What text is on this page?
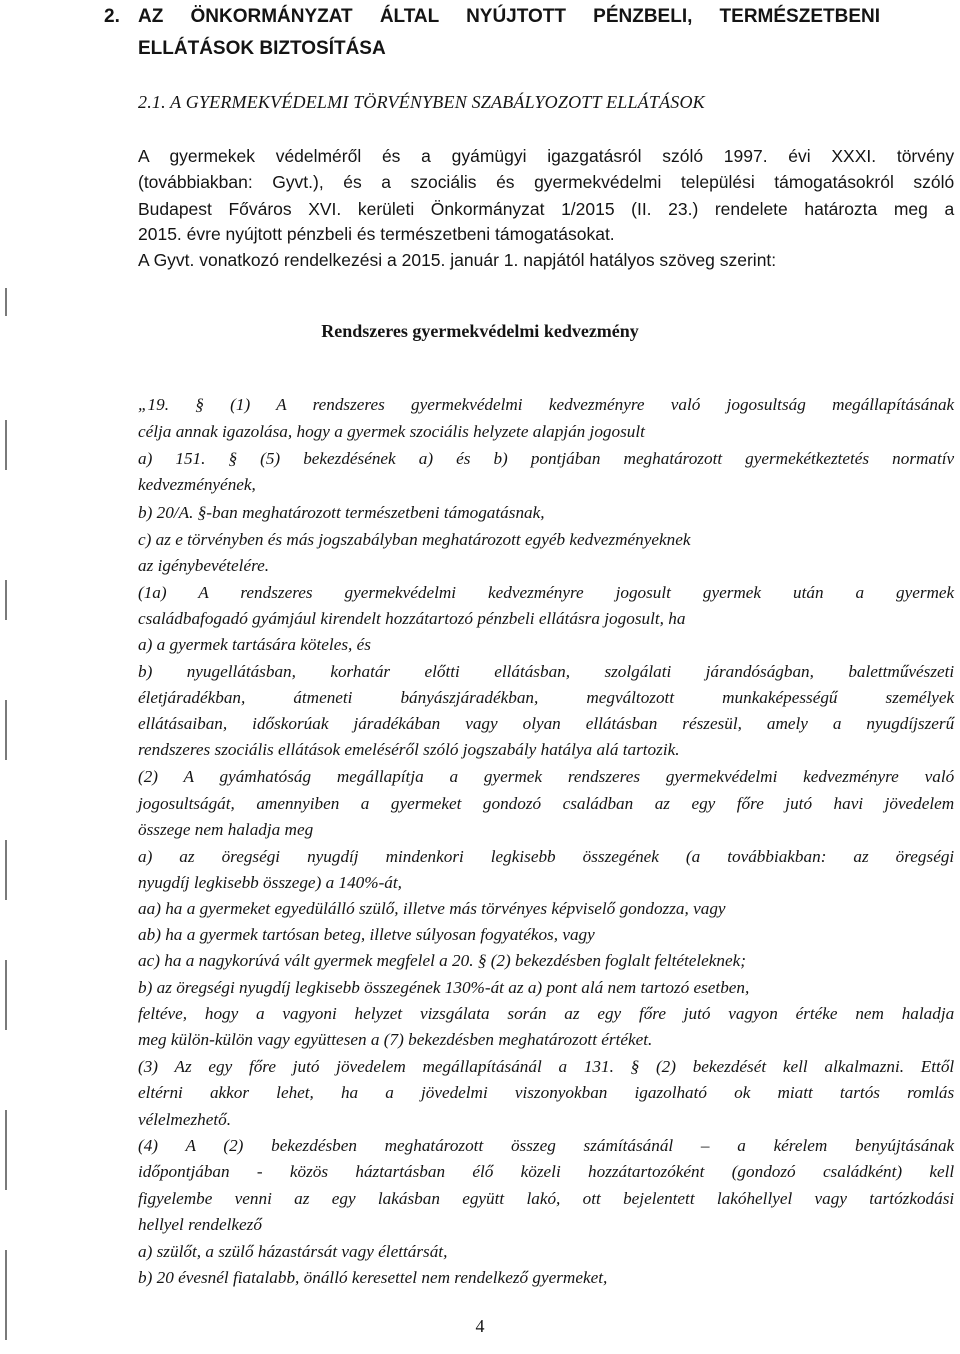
2. AZ ÖNKORMÁNYZAT ÁLTAL NYÚJTOTT PÉNZBELI, TERMÉSZETBENI
ELLÁTÁSOK BIZTOSÍTÁSA
2.1. A GYERMEKVÉDELMI TÖRVÉNYBEN SZABÁLYOZOTT ELLÁTÁSOK
A gyermekek védelméről és a gyámügyi igazgatásról szóló 1997. évi XXXI. törvény
(továbbiakban: Gyvt.), és a szociális és gyermekvédelmi települési támogatásokról szóló
Budapest Főváros XVI. kerületi Önkormányzat 1/2015 (II. 23.) rendelete határozta meg a
2015. évre nyújtott pénzbeli és természetbeni támogatásokat.
A Gyvt. vonatkozó rendelkezési a 2015. január 1. napjától hatályos szöveg szerint:
Rendszeres gyermekvédelmi kedvezmény
„19. § (1) A rendszeres gyermekvédelmi kedvezményre való jogosultság megállapításának
célja annak igazolása, hogy a gyermek szociális helyzete alapján jogosult
a) 151. § (5) bekezdésének a) és b) pontjában meghatározott gyermekétkeztetés normatív
kedvezményének,
b) 20/A. §-ban meghatározott természetbeni támogatásnak,
c) az e törvényben és más jogszabályban meghatározott egyéb kedvezményeknek
az igénybevételére.
(1a) A rendszeres gyermekvédelmi kedvezményre jogosult gyermek után a gyermek
családbafogadó gyámjául kirendelt hozzátartozó pénzbeli ellátásra jogosult, ha
a) a gyermek tartására köteles, és
b) nyugellátásban, korhatár előtti ellátásban, szolgálati járandóságban, balettművészeti
életjáradékban, átmeneti bányászjáradékban, megváltozott munkaképességű személyek
ellátásaiban, időskorúak járadékában vagy olyan ellátásban részesül, amely a nyugdíjszerű
rendszeres szociális ellátások emeléséről szóló jogszabály hatálya alá tartozik.
(2) A gyámhatóság megállapítja a gyermek rendszeres gyermekvédelmi kedvezményre való
jogosultságát, amennyiben a gyermeket gondozó családban az egy főre jutó havi jövedelem
összege nem haladja meg
a) az öregségi nyugdíj mindenkori legkisebb összegének (a továbbiakban: az öregségi
nyugdíj legkisebb összege) a 140%-át,
aa) ha a gyermeket egyedülálló szülő, illetve más törvényes képviselő gondozza, vagy
ab) ha a gyermek tartósan beteg, illetve súlyosan fogyatékos, vagy
ac) ha a nagykorúvá vált gyermek megfelel a 20. § (2) bekezdésben foglalt feltételeknek;
b) az öregségi nyugdíj legkisebb összegének 130%-át az a) pont alá nem tartozó esetben,
feltéve, hogy a vagyoni helyzet vizsgálata során az egy főre jutó vagyon értéke nem haladja
meg külön-külön vagy együttesen a (7) bekezdésben meghatározott értéket.
(3) Az egy főre jutó jövedelem megállapításánál a 131. § (2) bekezdését kell alkalmazni. Ettől
eltérni akkor lehet, ha a jövedelmi viszonyokban igazolható ok miatt tartós romlás
vélelmezhető.
(4) A (2) bekezdésben meghatározott összeg számításánál – a kérelem benyújtásának
időpontjában - közös háztartásban élő közeli hozzátartozóként (gondozó családként) kell
figyelembe venni az egy lakásban együtt lakó, ott bejelentett lakóhellyel vagy tartózkodási
hellyel rendelkező
a) szülőt, a szülő házastársát vagy élettársát,
b) 20 évesnél fiatalabb, önálló keresettel nem rendelkező gyermeket,
4
